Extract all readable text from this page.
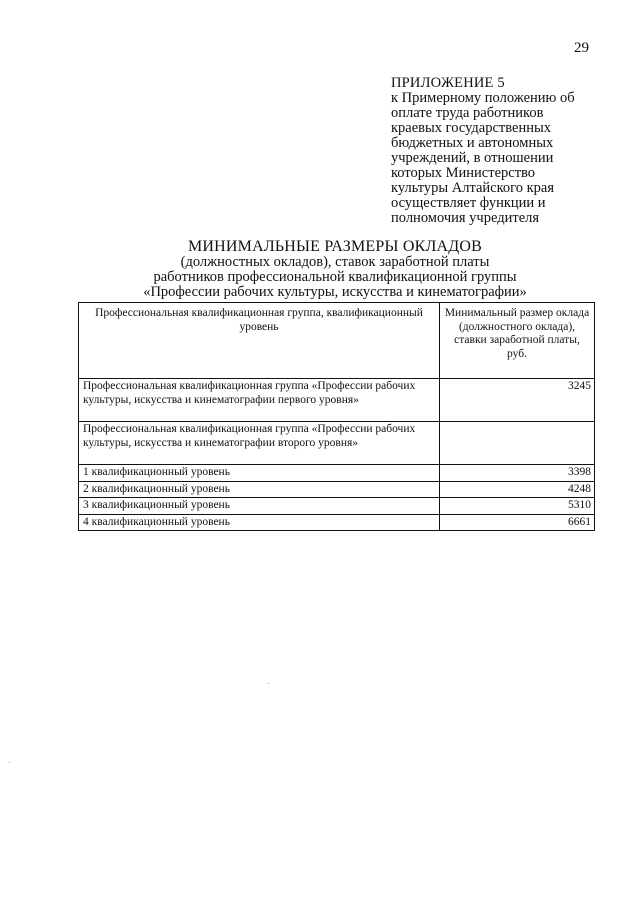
29
ПРИЛОЖЕНИЕ 5
к Примерному положению об оплате труда работников краевых государственных бюджетных и автономных учреждений, в отношении которых Министерство культуры Алтайского края осуществляет функции и полномочия учредителя
МИНИМАЛЬНЫЕ РАЗМЕРЫ ОКЛАДОВ
(должностных окладов), ставок заработной платы
работников профессиональной квалификационной группы
«Профессии рабочих культуры, искусства и кинематографии»
Профессиональная квалификационная группа, квалификационный уровень	Минимальный размер оклада (должностного оклада), ставки заработной платы, руб.
Профессиональная квалификационная группа «Профессии рабочих культуры, искусства и кинематографии первого уровня»	3245
Профессиональная квалификационная группа «Профессии рабочих культуры, искусства и кинематографии второго уровня»	
1 квалификационный уровень	3398
2 квалификационный уровень	4248
3 квалификационный уровень	5310
4 квалификационный уровень	6661
